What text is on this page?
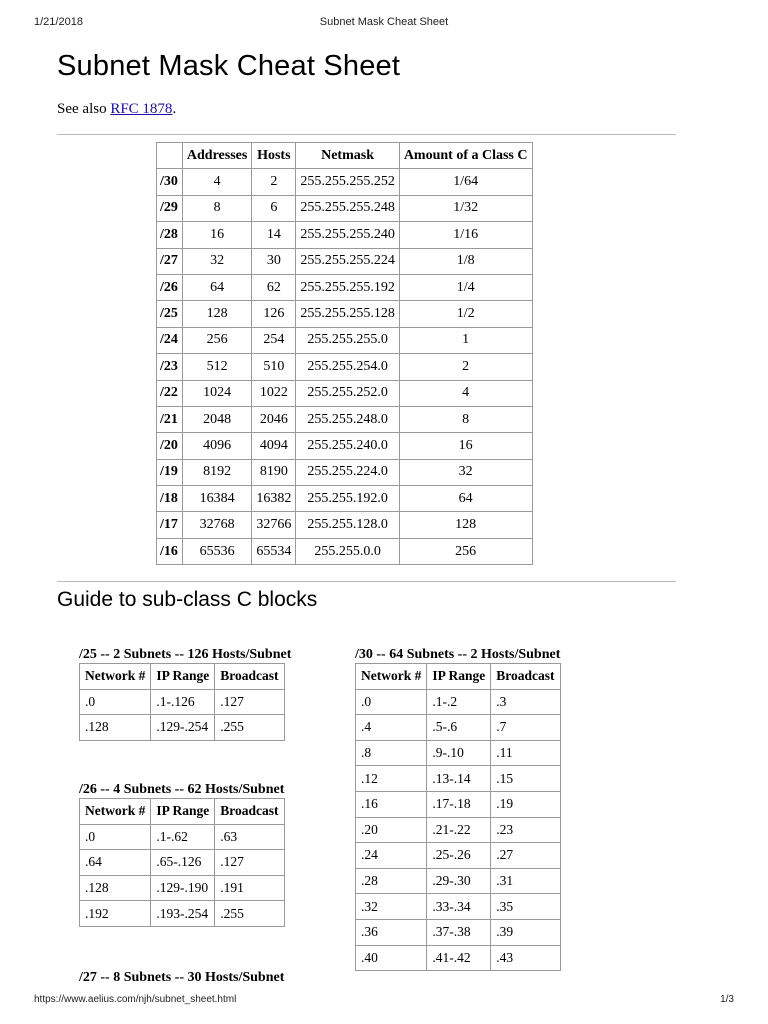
1/21/2018	Subnet Mask Cheat Sheet
Subnet Mask Cheat Sheet
See also RFC 1878.
	Addresses	Hosts	Netmask	Amount of a Class C
/30	4	2	255.255.255.252	1/64
/29	8	6	255.255.255.248	1/32
/28	16	14	255.255.255.240	1/16
/27	32	30	255.255.255.224	1/8
/26	64	62	255.255.255.192	1/4
/25	128	126	255.255.255.128	1/2
/24	256	254	255.255.255.0	1
/23	512	510	255.255.254.0	2
/22	1024	1022	255.255.252.0	4
/21	2048	2046	255.255.248.0	8
/20	4096	4094	255.255.240.0	16
/19	8192	8190	255.255.224.0	32
/18	16384	16382	255.255.192.0	64
/17	32768	32766	255.255.128.0	128
/16	65536	65534	255.255.0.0	256
Guide to sub-class C blocks
/25 -- 2 Subnets -- 126 Hosts/Subnet
Network #	IP Range	Broadcast
.0	.1-.126	.127
.128	.129-.254	.255
/26 -- 4 Subnets -- 62 Hosts/Subnet
Network #	IP Range	Broadcast
.0	.1-.62	.63
.64	.65-.126	.127
.128	.129-.190	.191
.192	.193-.254	.255
/27 -- 8 Subnets -- 30 Hosts/Subnet
/30 -- 64 Subnets -- 2 Hosts/Subnet
Network #	IP Range	Broadcast
.0	.1-.2	.3
.4	.5-.6	.7
.8	.9-.10	.11
.12	.13-.14	.15
.16	.17-.18	.19
.20	.21-.22	.23
.24	.25-.26	.27
.28	.29-.30	.31
.32	.33-.34	.35
.36	.37-.38	.39
.40	.41-.42	.43
https://www.aelius.com/njh/subnet_sheet.html	1/3
